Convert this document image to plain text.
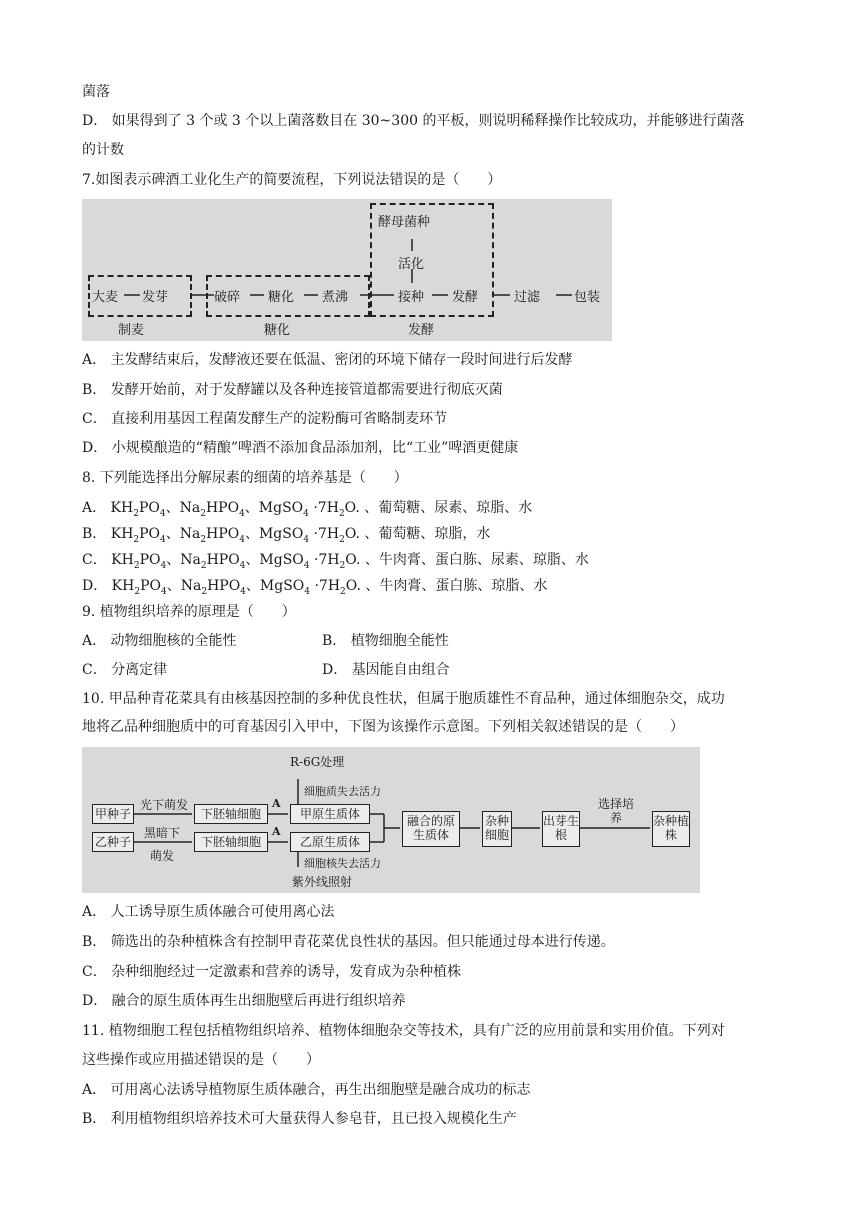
菌落
D． 如果得到了 3 个或 3 个以上菌落数目在 30~300 的平板，则说明稀释操作比较成功，并能够进行菌落
的计数
7.如图表示碑酒工业化生产的简要流程，下列说法错误的是（　　）
大麦 发芽	破碎 糖化 煮沸
酵母菌种
活化
接种 发酵	过滤	包装
制麦	糖化	发酵
A． 主发酵结束后，发酵液还要在低温、密闭的环境下储存一段时间进行后发酵
B． 发酵开始前，对于发酵罐以及各种连接管道都需要进行彻底灭菌
C． 直接利用基因工程菌发酵生产的淀粉酶可省略制麦环节
D． 小规模酿造的“精酿”啤酒不添加食品添加剂，比“工业”啤酒更健康
8. 下列能选择出分解尿素的细菌的培养基是（　　）
A． $KH_2PO_4$、$Na_2HPO_4$、MgSO$_4$ $\cdot 7H_2O$. 、葡萄糖、尿素、琼脂、水
B． $KH_2PO_4$、$Na_2HPO_4$、MgSO$_4$ $\cdot 7H_2O$. 、葡萄糖、琼脂，水
C． $KH_2PO_4$、$Na_2HPO_4$、MgSO$_4$ $\cdot 7H_2O$. 、牛肉膏、蛋白胨、尿素、琼脂、水
D． $KH_2PO_4$、$Na_2HPO_4$、MgSO$_4$ $\cdot 7H_2O$. 、牛肉膏、蛋白胨、琼脂、水
9. 植物组织培养的原理是（　　）
A． 动物细胞核的全能性	B． 植物细胞全能性
C． 分离定律	D． 基因能自由组合
10. 甲品种青花菜具有由核基因控制的多种优良性状，但属于胞质雄性不育品种，通过体细胞杂交，成功
地将乙品种细胞质中的可育基因引入甲中，下图为该操作示意图。下列相关叙述错误的是（　　）
甲种子
乙种子
光下萌发
黑暗下
萌发
下胚轴细胞
下胚轴细胞
A
A
甲原生质体
乙原生质体
R-6G处理
细胞质失去活力
细胞核失去活力
紫外线照射
融合的原生质体
杂种细胞
出芽生根
选择培养	杂种植株
A． 人工诱导原生质体融合可使用离心法
B． 筛选出的杂种植株含有控制甲青花菜优良性状的基因。但只能通过母本进行传递。
C． 杂种细胞经过一定激素和营养的诱导，发育成为杂种植株
D． 融合的原生质体再生出细胞壁后再进行组织培养
11. 植物细胞工程包括植物组织培养、植物体细胞杂交等技术，具有广泛的应用前景和实用价值。下列对
这些操作或应用描述错误的是（　　）
A． 可用离心法诱导植物原生质体融合，再生出细胞壁是融合成功的标志
B． 利用植物组织培养技术可大量获得人参皂苷，且已投入规模化生产
